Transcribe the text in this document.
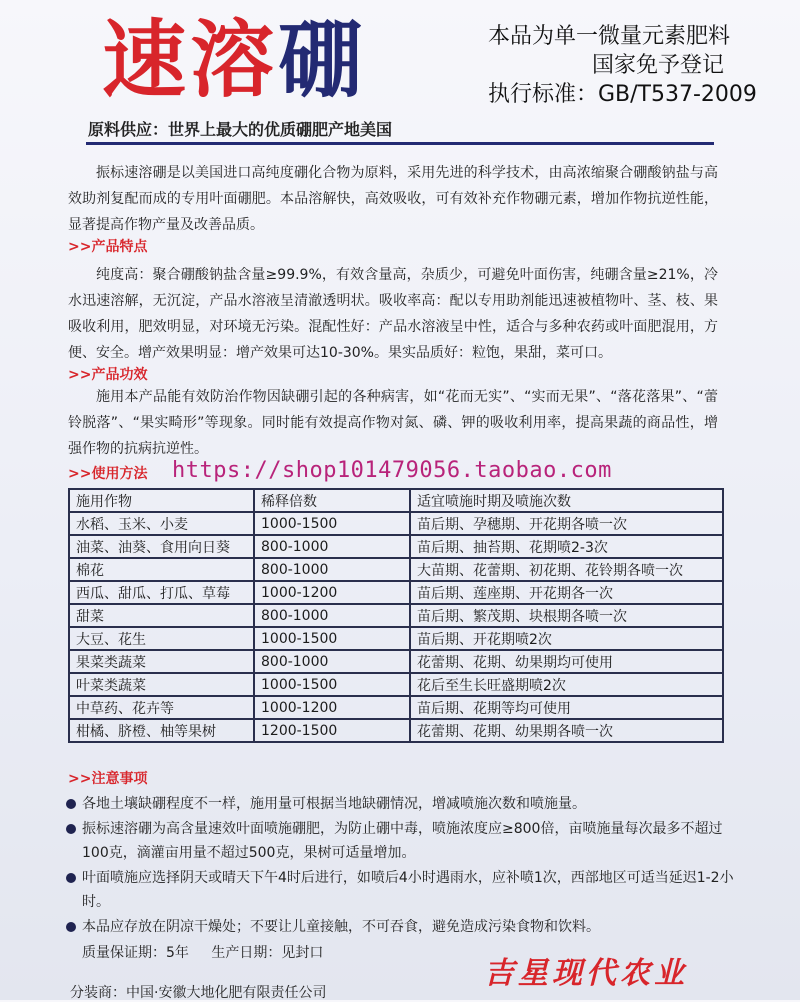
速溶硼	本品为单一微量元素肥料
国家免予登记
执行标准：GB/T537-2009
原料供应：世界上最大的优质硼肥产地美国

振标速溶硼是以美国进口高纯度硼化合物为原料，采用先进的科学技术，由高浓缩聚合硼酸钠盐与高效助剂复配而成的专用叶面硼肥。本品溶解快，高效吸收，可有效补充作物硼元素，增加作物抗逆性能，显著提高作物产量及改善品质。

>>产品特点

纯度高：聚合硼酸钠盐含量≥99.9%，有效含量高，杂质少，可避免叶面伤害，纯硼含量≥21%，冷水迅速溶解，无沉淀，产品水溶液呈清澈透明状。吸收率高：配以专用助剂能迅速被植物叶、茎、枝、果吸收利用，肥效明显，对环境无污染。混配性好：产品水溶液呈中性，适合与多种农药或叶面肥混用，方便、安全。增产效果明显：增产效果可达10-30%。果实品质好：粒饱，果甜，菜可口。

>>产品功效

施用本产品能有效防治作物因缺硼引起的各种病害，如“花而无实”、“实而无果”、“落花落果”、“蕾铃脱落”、“果实畸形”等现象。同时能有效提高作物对氮、磷、钾的吸收利用率，提高果蔬的商品性，增强作物的抗病抗逆性。

>>使用方法 https://shop101479056.taobao.com
施用作物	稀释倍数	适宜喷施时期及喷施次数
水稻、玉米、小麦	1000-1500	苗后期、孕穗期、开花期各喷一次
油菜、油葵、食用向日葵	800-1000	苗后期、抽苔期、花期喷2-3次
棉花	800-1000	大苗期、花蕾期、初花期、花铃期各喷一次
西瓜、甜瓜、打瓜、草莓	1000-1200	苗后期、莲座期、开花期各一次
甜菜	800-1000	苗后期、繁茂期、块根期各喷一次
大豆、花生	1000-1500	苗后期、开花期喷2次
果菜类蔬菜	800-1000	花蕾期、花期、幼果期均可使用
叶菜类蔬菜	1000-1500	花后至生长旺盛期喷2次
中草药、花卉等	1000-1200	苗后期、花期等均可使用
柑橘、脐橙、柚等果树	1200-1500	花蕾期、花期、幼果期各喷一次
>>注意事项
各地土壤缺硼程度不一样，施用量可根据当地缺硼情况，增减喷施次数和喷施量。
振标速溶硼为高含量速效叶面喷施硼肥，为防止硼中毒，喷施浓度应≥800倍，亩喷施量每次最多不超过100克，滴灌亩用量不超过500克，果树可适量增加。
叶面喷施应选择阴天或晴天下午4时后进行，如喷后4小时遇雨水，应补喷1次，西部地区可适当延迟1-2小时。
本品应存放在阴凉干燥处；不要让儿童接触，不可吞食，避免造成污染食物和饮料。
质量保证期：5年 生产日期：见封口
分装商：中国·安徽大地化肥有限责任公司
吉星现代农业
